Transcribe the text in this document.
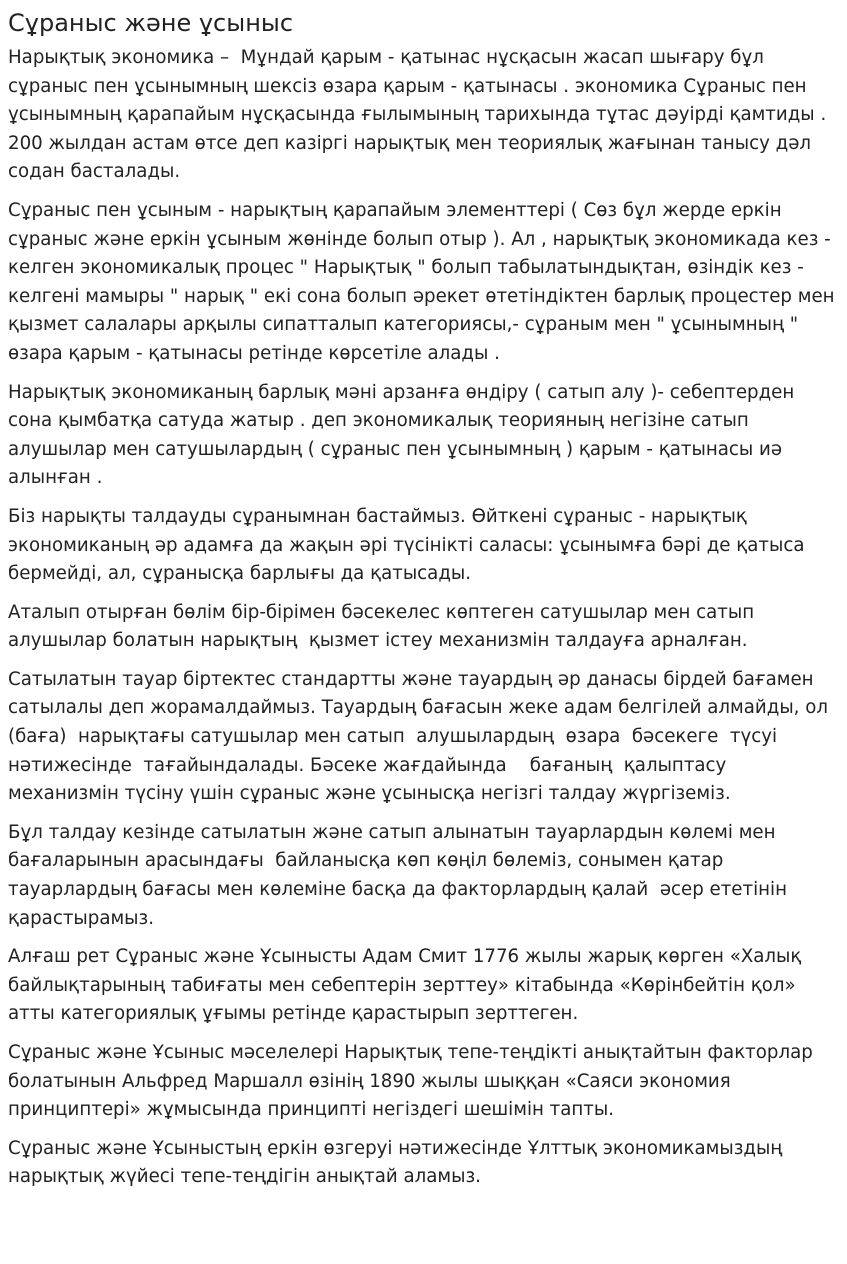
Сұраныс және ұсыныс

Нарықтық экономика –  Мұндай қарым - қатынас нұсқасын жасап шығару бұл сұраныс пен ұсынымның шексіз өзара қарым - қатынасы . экономика Сұраныс пен ұсынымның қарапайым нұсқасында ғылымының тарихында тұтас дәуірді қамтиды . 200 жылдан астам өтсе деп казіргі нарықтық мен теориялық жағынан танысу дәл содан басталады.

Сұраныс пен ұсыным - нарықтың қарапайым элементтері ( Сөз бұл жерде еркін сұраныс және еркін ұсыным жөнінде болып отыр ). Ал , нарықтық экономикада кез - келген экономикалық процес " Нарықтық " болып табылатындықтан, өзіндік кез - келгені мамыры " нарық " екі сона болып әрекет өтетіндіктен барлық процестер мен қызмет салалары арқылы сипатталып категориясы,- сұраным мен " ұсынымның " өзара қарым - қатынасы ретінде көрсетіле алады .

Нарықтық экономиканың барлық мәні арзанға өндіру ( сатып алу )- себептерден сона қымбатқа сатуда жатыр . деп экономикалық теорияның негізіне сатып алушылар мен сатушылардың ( сұраныс пен ұсынымның ) қарым - қатынасы иә алынған .

Біз нарықты талдауды сұранымнан бастаймыз. Өйткені сұраныс - нарықтық экономиканың әр адамға да жақын әрі түсінікті саласы: ұсынымға бәрі де қатыса бермейді, ал, сұранысқа барлығы да қатысады.

Аталып отырған бөлім бір-бірімен бәсекелес көптеген сатушылар мен сатып алушылар болатын нарықтың  қызмет істеу механизмін талдауға арналған.

Сатылатын тауар біртектес стандартты және тауардың әр данасы бірдей бағамен сатылалы деп жорамалдаймыз. Тауардың бағасын жеке адам белгілей алмайды, ол (баға)  нарықтағы сатушылар мен сатып  алушылардың  өзара  бәсекеге  түсуі   нәтижесінде  тағайындалады. Бәсеке жағдайында    бағаның  қалыптасу    механизмін түсіну үшін сұраныс және ұсынысқа негізгі талдау жүргіземіз.

Бұл талдау кезінде сатылатын және сатып алынатын тауарлардын көлемі мен бағаларынын арасындағы  байланысқа көп көңіл бөлеміз, сонымен қатар тауарлардың бағасы мен көлеміне басқа да факторлардың қалай  әсер ететінін қарастырамыз.

Алғаш рет Сұраныс және Ұсынысты Адам Смит 1776 жылы жарық көрген «Халық байлықтарының табиғаты мен себептерін зерттеу» кітабында «Көрінбейтін қол» атты категориялық ұғымы ретінде қарастырып зерттеген.

Сұраныс және Ұсыныс мәселелері Нарықтық тепе-теңдікті анықтайтын факторлар болатынын Альфред Маршалл өзінің 1890 жылы шыққан «Саяси экономия принциптері» жұмысында принципті негіздегі шешімін тапты.

Сұраныс және Ұсыныстың еркін өзгеруі нәтижесінде Ұлттық экономикамыздың нарықтық жүйесі тепе-теңдігін анықтай аламыз.
